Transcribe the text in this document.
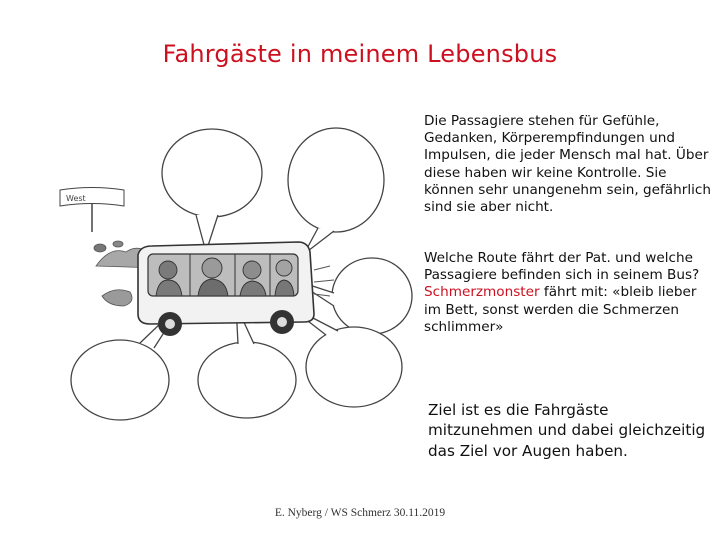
Fahrgäste in meinem Lebensbus
West
Die Passagiere stehen für Gefühle, Gedanken, Körperempfindungen und Impulsen, die jeder Mensch mal hat. Über diese haben wir keine Kontrolle. Sie können sehr unangenehm sein, gefährlich sind sie aber nicht.
Welche Route fährt der Pat. und welche Passagiere befinden sich in seinem Bus?
Schmerzmonster fährt mit: «bleib lieber im Bett, sonst werden die Schmerzen schlimmer»
Ziel ist es die Fahrgäste mitzunehmen und dabei gleichzeitig das Ziel vor Augen haben.
E. Nyberg / WS Schmerz 30.11.2019
